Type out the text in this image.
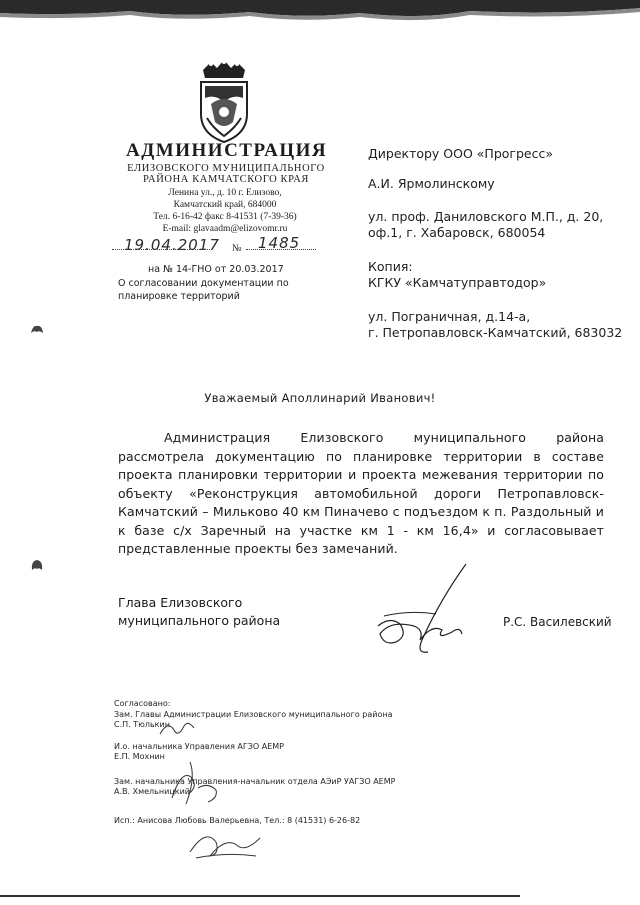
АДМИНИСТРАЦИЯ
ЕЛИЗОВСКОГО МУНИЦИПАЛЬНОГО
РАЙОНА КАМЧАТСКОГО КРАЯ
Ленина ул., д. 10 г. Елизово,
Камчатский край, 684000
Тел. 6-16-42 факс 8-41531 (7-39-36)
E-mail: glavaadm@elizovomr.ru
19.04.2017 № 1485
на № 14-ГНО от 20.03.2017
О согласовании документации по
планировке территорий
Директору ООО «Прогресс»
А.И. Ярмолинскому
ул. проф. Даниловского М.П., д. 20,
оф.1, г. Хабаровск, 680054
Копия:
КГКУ «Камчатуправтодор»
ул. Пограничная, д.14-а,
г. Петропавловск-Камчатский, 683032
Уважаемый Аполлинарий Иванович!
Администрация Елизовского муниципального района рассмотрела документацию по планировке территории в составе проекта планировки территории и проекта межевания территории по объекту «Реконструкция автомобильной дороги Петропавловск-Камчатский – Мильково 40 км Пиначево с подъездом к п. Раздольный и к базе с/х Заречный на участке км 1 - км 16,4» и согласовывает представленные проекты без замечаний.
Глава Елизовского
муниципального района	Р.С. Василевский
Согласовано:
Зам. Главы Администрации Елизовского муниципального района
С.П. Тюлькин
И.о. начальника Управления АГЗО АЕМР
Е.П. Мохнин
Зам. начальника Управления-начальник отдела АЭиР УАГЗО АЕМР
А.В. Хмельницкий
Исп.: Анисова Любовь Валерьевна, Тел.: 8 (41531) 6-26-82
